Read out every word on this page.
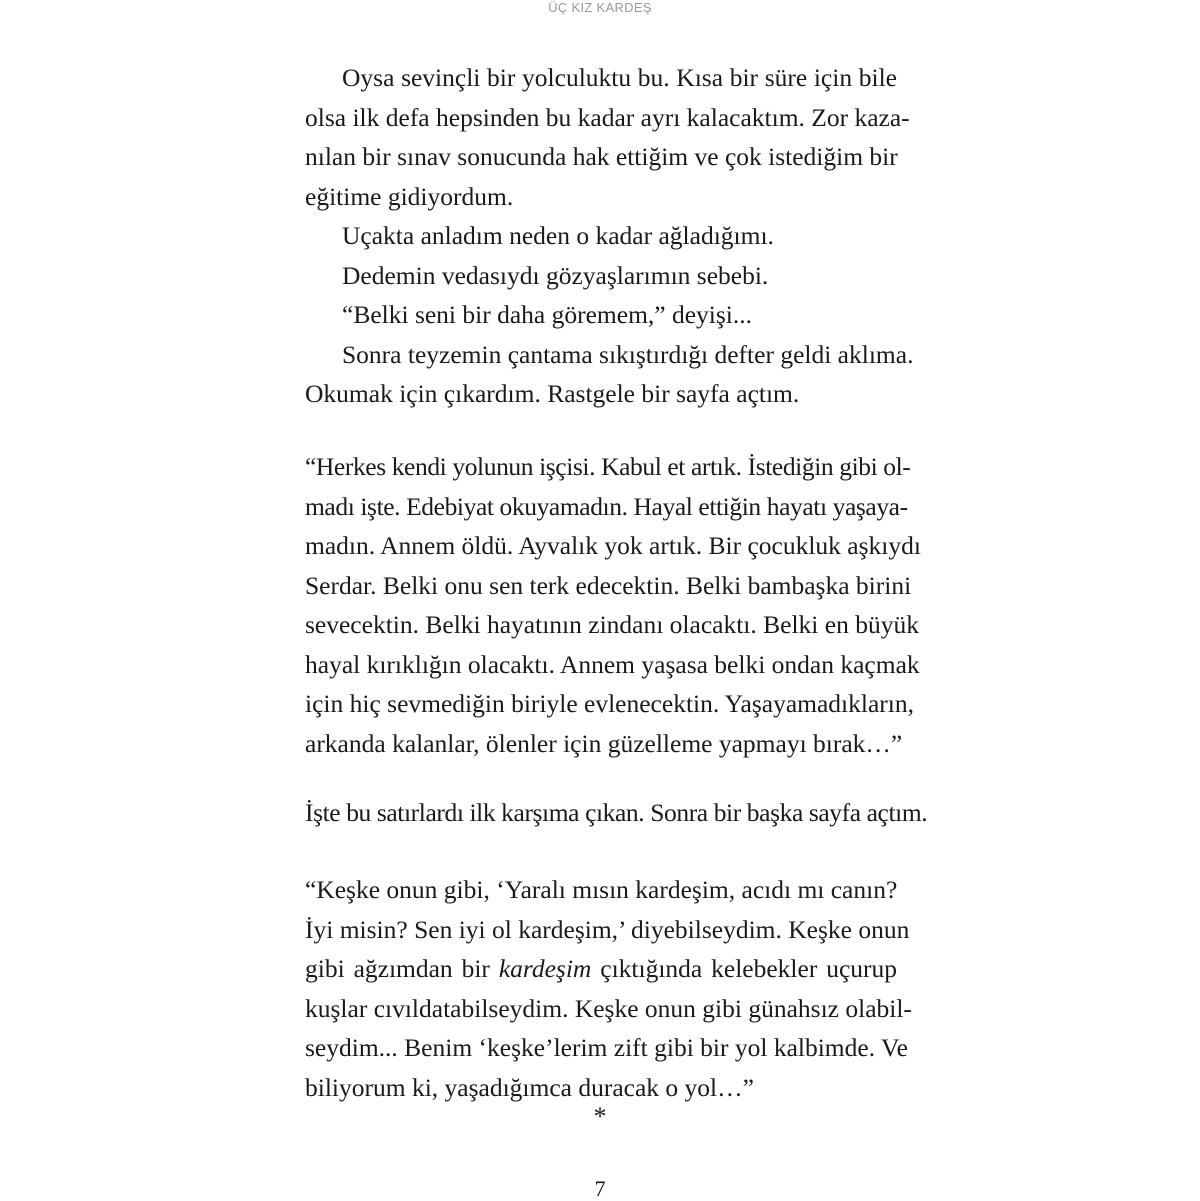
ÜÇ KIZ KARDEŞ
Oysa sevinçli bir yolculuktu bu. Kısa bir süre için bile
olsa ilk defa hepsinden bu kadar ayrı kalacaktım. Zor kaza-
nılan bir sınav sonucunda hak ettiğim ve çok istediğim bir
eğitime gidiyordum.
Uçakta anladım neden o kadar ağladığımı.
Dedemin vedasıydı gözyaşlarımın sebebi.
“Belki seni bir daha göremem,” deyişi...
Sonra teyzemin çantama sıkıştırdığı defter geldi aklıma.
Okumak için çıkardım. Rastgele bir sayfa açtım.
“Herkes kendi yolunun işçisi. Kabul et artık. İstediğin gibi ol-
madı işte. Edebiyat okuyamadın. Hayal ettiğin hayatı yaşaya-
madın. Annem öldü. Ayvalık yok artık. Bir çocukluk aşkıydı
Serdar. Belki onu sen terk edecektin. Belki bambaşka birini
sevecektin. Belki hayatının zindanı olacaktı. Belki en büyük
hayal kırıklığın olacaktı. Annem yaşasa belki ondan kaçmak
için hiç sevmediğin biriyle evlenecektin. Yaşayamadıkların,
arkanda kalanlar, ölenler için güzelleme yapmayı bırak…”
İşte bu satırlardı ilk karşıma çıkan. Sonra bir başka sayfa açtım.
“Keşke onun gibi, ‘Yaralı mısın kardeşim, acıdı mı canın?
İyi misin? Sen iyi ol kardeşim,’ diyebilseydim. Keşke onun
gibi ağzımdan bir kardeşim çıktığında kelebekler uçurup
kuşlar cıvıldatabilseydim. Keşke onun gibi günahsız olabil-
seydim... Benim ‘keşke’lerim zift gibi bir yol kalbimde. Ve
biliyorum ki, yaşadığımca duracak o yol…”
*
7
